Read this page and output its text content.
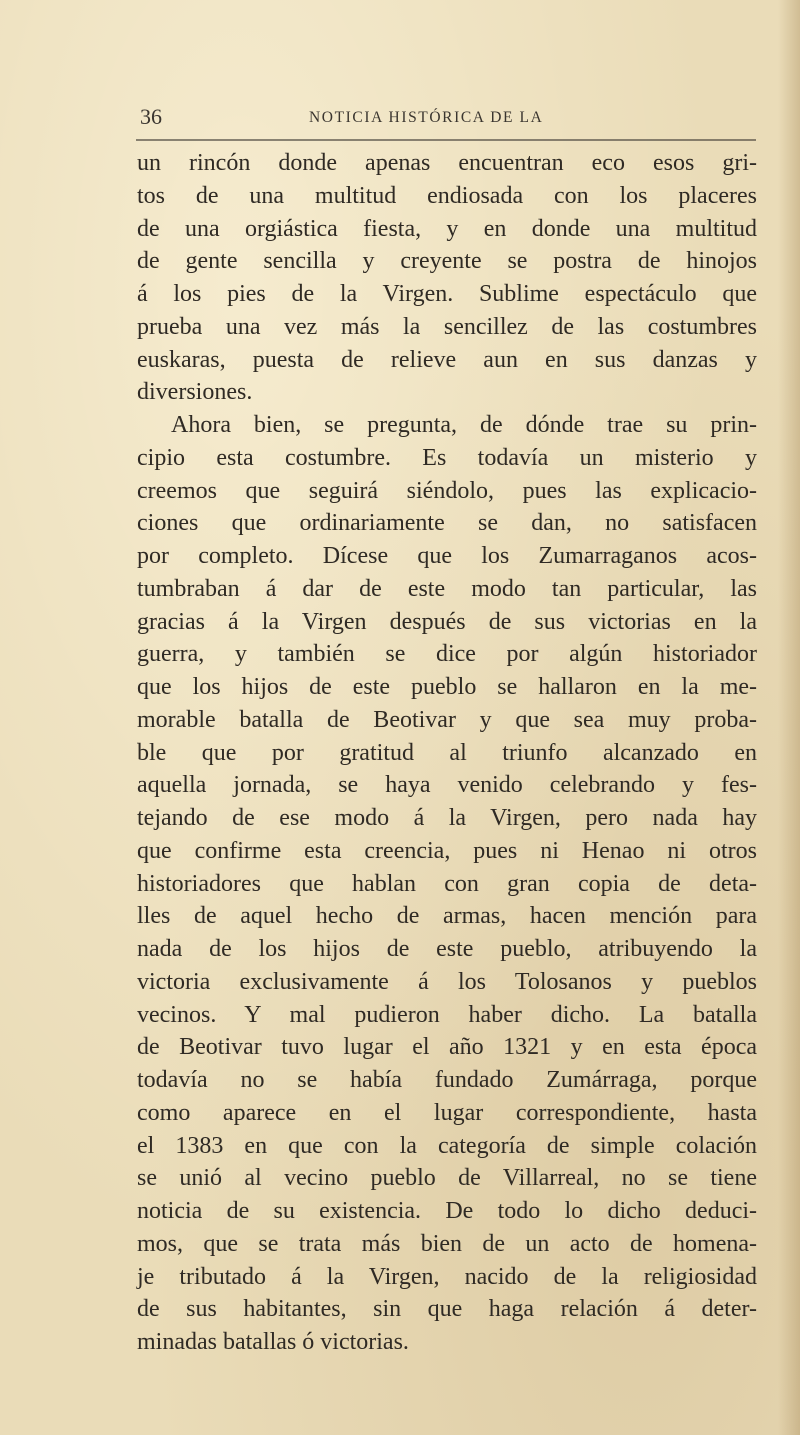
36	NOTICIA HISTÓRICA DE LA
un rincón donde apenas encuentran eco esos gri-
tos de una multitud endiosada con los placeres
de una orgiástica fiesta, y en donde una multitud
de gente sencilla y creyente se postra de hinojos
á los pies de la Virgen. Sublime espectáculo que
prueba una vez más la sencillez de las costumbres
euskaras, puesta de relieve aun en sus danzas y
diversiones.
Ahora bien, se pregunta, de dónde trae su prin-
cipio esta costumbre. Es todavía un misterio y
creemos que seguirá siéndolo, pues las explicacio-
ciones que ordinariamente se dan, no satisfacen
por completo. Dícese que los Zumarraganos acos-
tumbraban á dar de este modo tan particular, las
gracias á la Virgen después de sus victorias en la
guerra, y también se dice por algún historiador
que los hijos de este pueblo se hallaron en la me-
morable batalla de Beotivar y que sea muy proba-
ble que por gratitud al triunfo alcanzado en
aquella jornada, se haya venido celebrando y fes-
tejando de ese modo á la Virgen, pero nada hay
que confirme esta creencia, pues ni Henao ni otros
historiadores que hablan con gran copia de deta-
lles de aquel hecho de armas, hacen mención para
nada de los hijos de este pueblo, atribuyendo la
victoria exclusivamente á los Tolosanos y pueblos
vecinos. Y mal pudieron haber dicho. La batalla
de Beotivar tuvo lugar el año 1321 y en esta época
todavía no se había fundado Zumárraga, porque
como aparece en el lugar correspondiente, hasta
el 1383 en que con la categoría de simple colación
se unió al vecino pueblo de Villarreal, no se tiene
noticia de su existencia. De todo lo dicho deduci-
mos, que se trata más bien de un acto de homena-
je tributado á la Virgen, nacido de la religiosidad
de sus habitantes, sin que haga relación á deter-
minadas batallas ó victorias.
